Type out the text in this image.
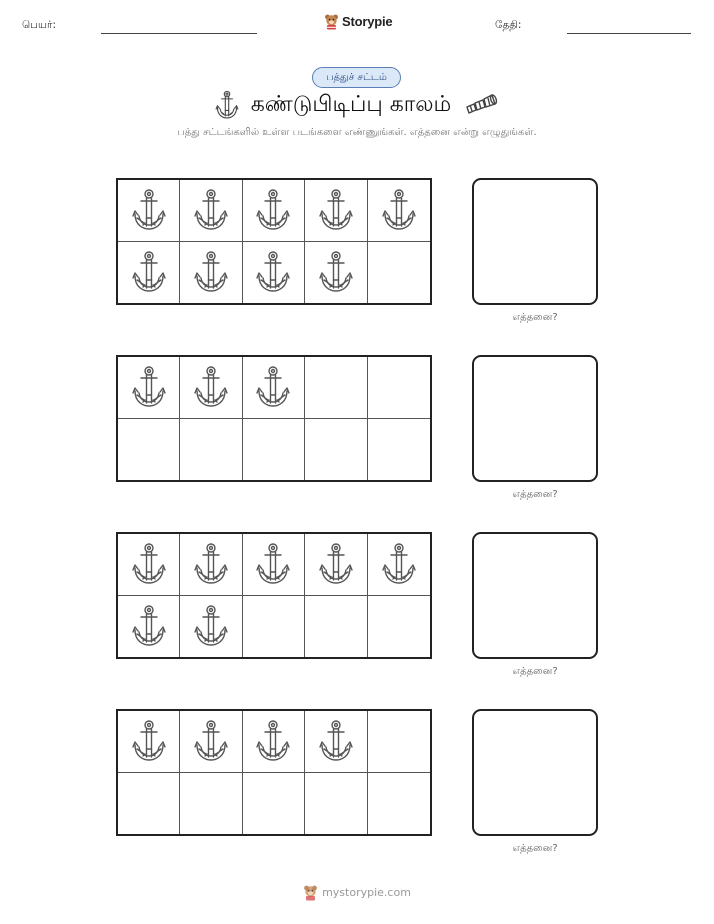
பெயர்:	Storypie	தேதி:
பத்துச் சட்டம்
கண்டுபிடிப்பு காலம்
பத்து சட்டங்களில் உள்ள படங்களை எண்ணுங்கள். எத்தனை என்று எழுதுங்கள்.
எத்தனை?
எத்தனை?
எத்தனை?
எத்தனை?
mystorypie.com
